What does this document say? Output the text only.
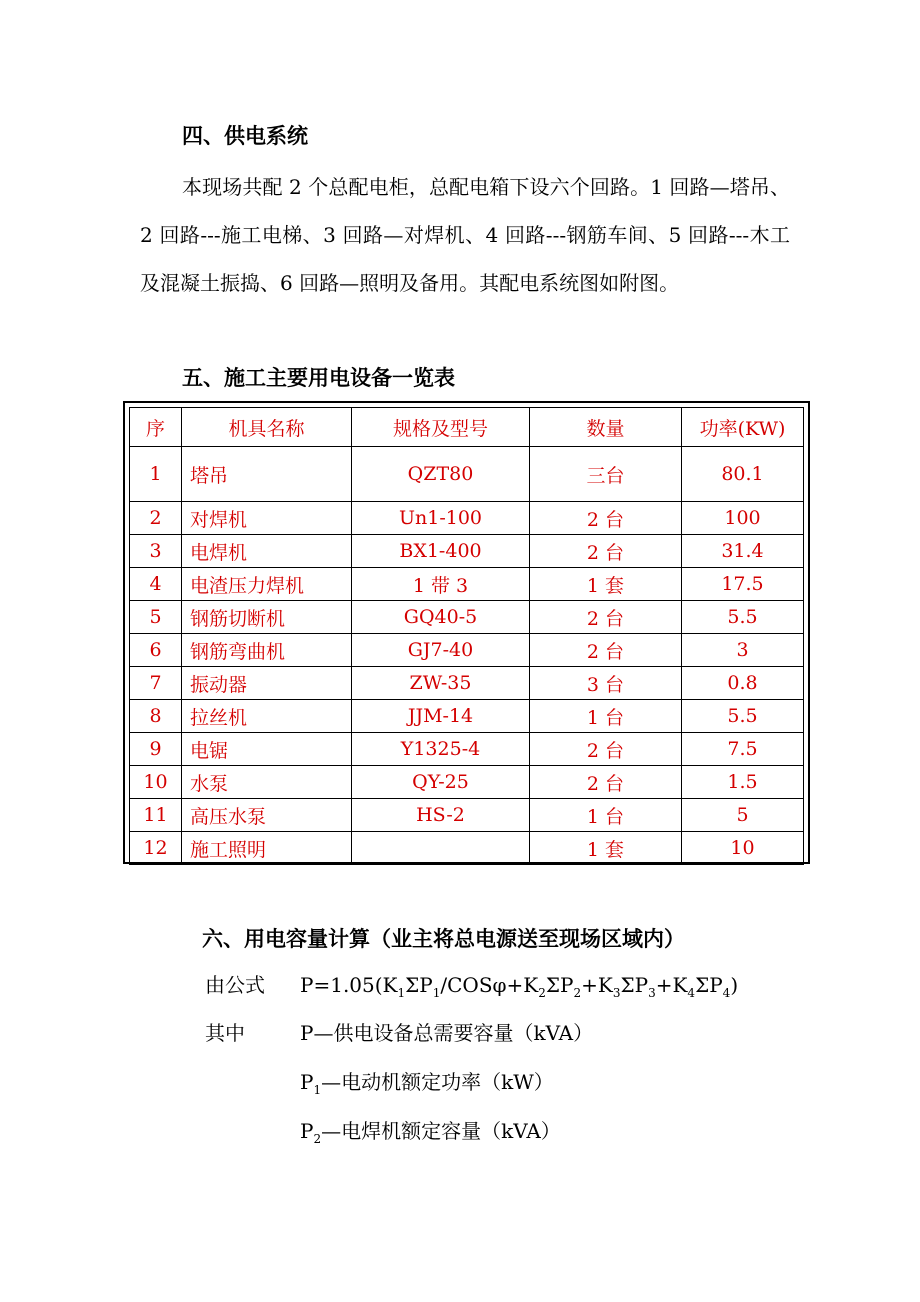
四、供电系统

本现场共配 2 个总配电柜，总配电箱下设六个回路。1 回路—塔吊、2 回路---施工电梯、3 回路—对焊机、4 回路---钢筋车间、5 回路---木工及混凝土振捣、6 回路—照明及备用。其配电系统图如附图。

五、施工主要用电设备一览表
序	机具名称	规格及型号	数量	功率(KW)
1	塔吊	QZT80	三台	80.1
2	对焊机	Un1-100	2 台	100
3	电焊机	BX1-400	2 台	31.4
4	电渣压力焊机	1 带 3	1 套	17.5
5	钢筋切断机	GQ40-5	2 台	5.5
6	钢筋弯曲机	GJ7-40	2 台	3
7	振动器	ZW-35	3 台	0.8
8	拉丝机	JJM-14	1 台	5.5
9	电锯	Y1325-4	2 台	7.5
10	水泵	QY-25	2 台	1.5
11	高压水泵	HS-2	1 台	5
12	施工照明		1 套	10
六、用电容量计算（业主将总电源送至现场区域内）
由公式 $P=1.05(K_1\Sigma P_1/COS\varphi+K_2\Sigma P_2+K_3\Sigma P_3+K_4\Sigma P_4)$
其中	P—供电设备总需要容量（kVA）
$P_1—$电动机额定功率（kW）
$P_2—$电焊机额定容量（kVA）
